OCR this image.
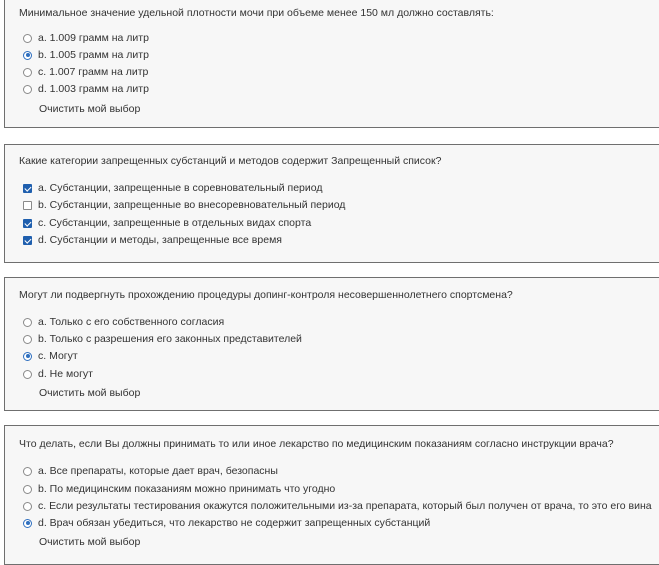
Минимальное значение удельной плотности мочи при объеме менее 150 мл должно составлять:
a. 1.009 грамм на литр
b. 1.005 грамм на литр
c. 1.007 грамм на литр
d. 1.003 грамм на литр
Очистить мой выбор
Какие категории запрещенных субстанций и методов содержит Запрещенный список?
a. Субстанции, запрещенные в соревновательный период
b. Субстанции, запрещенные во внесоревновательный период
c. Субстанции, запрещенные в отдельных видах спорта
d. Субстанции и методы, запрещенные все время
Могут ли подвергнуть прохождению процедуры допинг-контроля несовершеннолетнего спортсмена?
a. Только с его собственного согласия
b. Только с разрешения его законных представителей
c. Могут
d. Не могут
Очистить мой выбор
Что делать, если Вы должны принимать то или иное лекарство по медицинским показаниям согласно инструкции врача?
a. Все препараты, которые дает врач, безопасны
b. По медицинским показаниям можно принимать что угодно
c. Если результаты тестирования окажутся положительными из-за препарата, который был получен от врача, то это его вина
d. Врач обязан убедиться, что лекарство не содержит запрещенных субстанций
Очистить мой выбор
